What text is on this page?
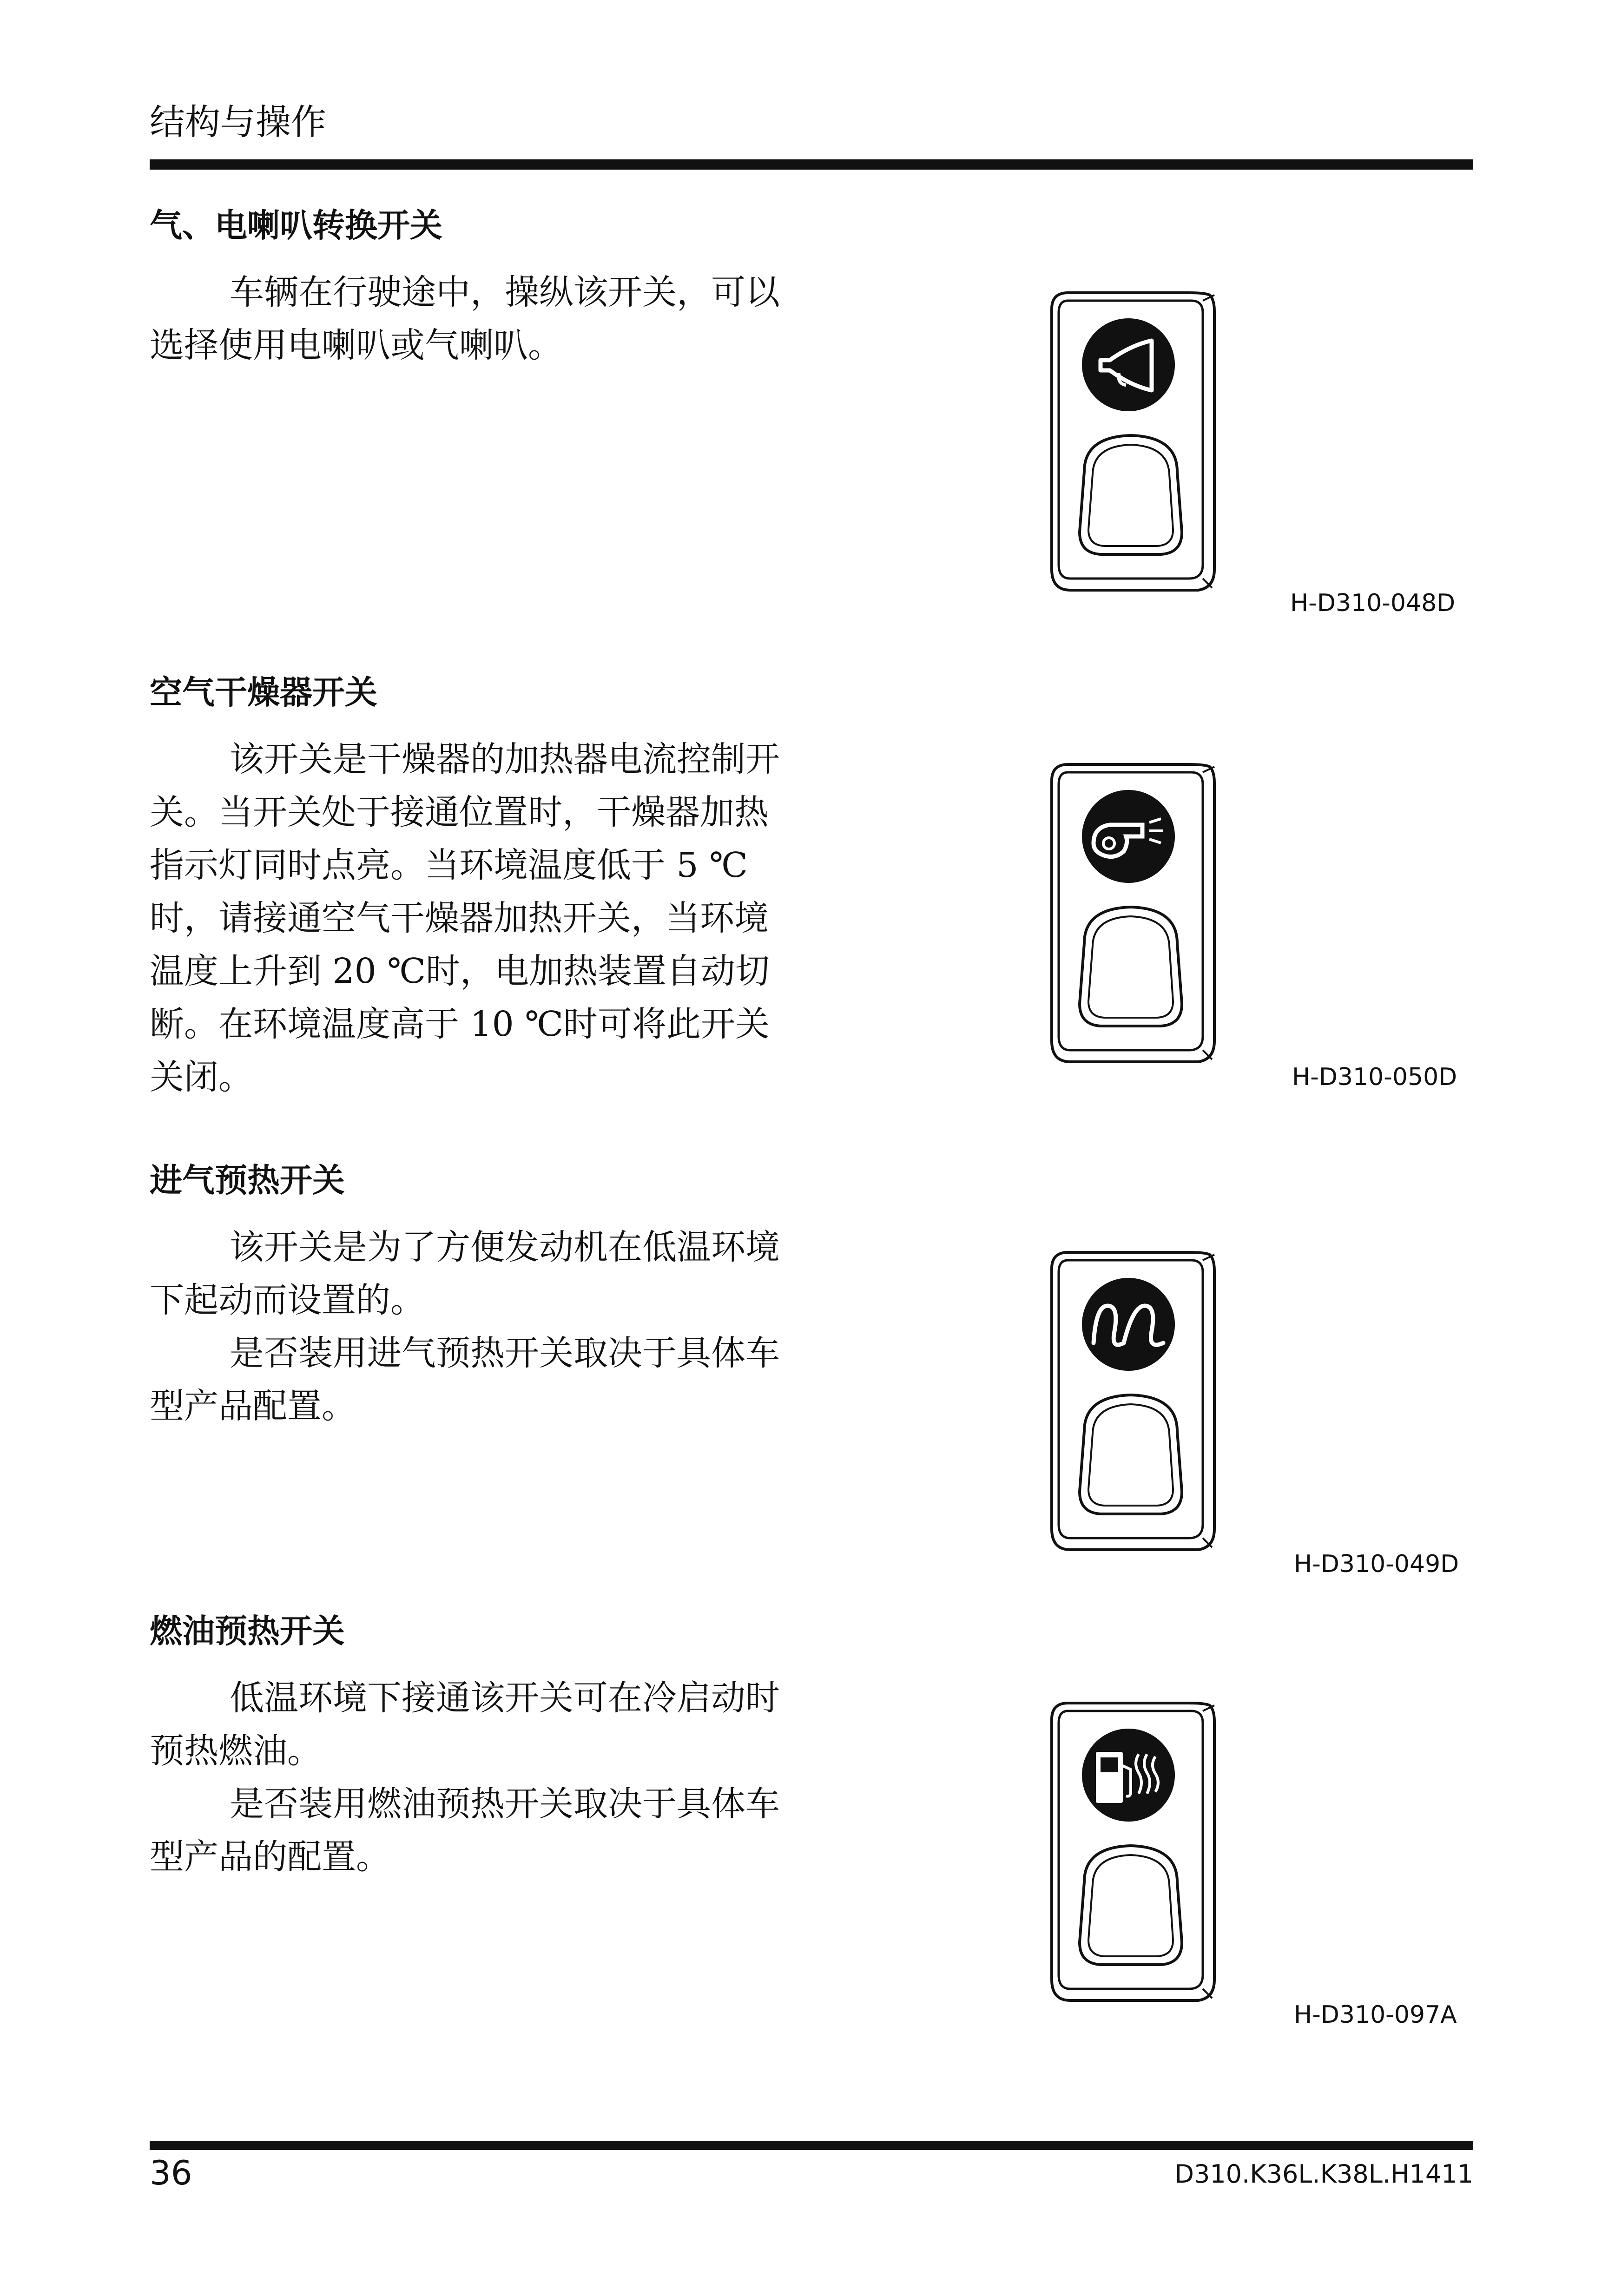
结构与操作
气、电喇叭转换开关

车辆在行驶途中，操纵该开关，可以选择使用电喇叭或气喇叭。

H-D310-048D
空气干燥器开关

该开关是干燥器的加热器电流控制开关。当开关处于接通位置时，干燥器加热指示灯同时点亮。当环境温度低于 5 ℃时，请接通空气干燥器加热开关，当环境温度上升到 20 ℃时，电加热装置自动切断。在环境温度高于 10 ℃时可将此开关关闭。	H-D310-050D
进气预热开关

该开关是为了方便发动机在低温环境下起动而设置的。

是否装用进气预热开关取决于具体车型产品配置。

H-D310-049D
燃油预热开关

低温环境下接通该开关可在冷启动时预热燃油。

是否装用燃油预热开关取决于具体车型产品的配置。

H-D310-097A
36	D310.K36L.K38L.H1411
